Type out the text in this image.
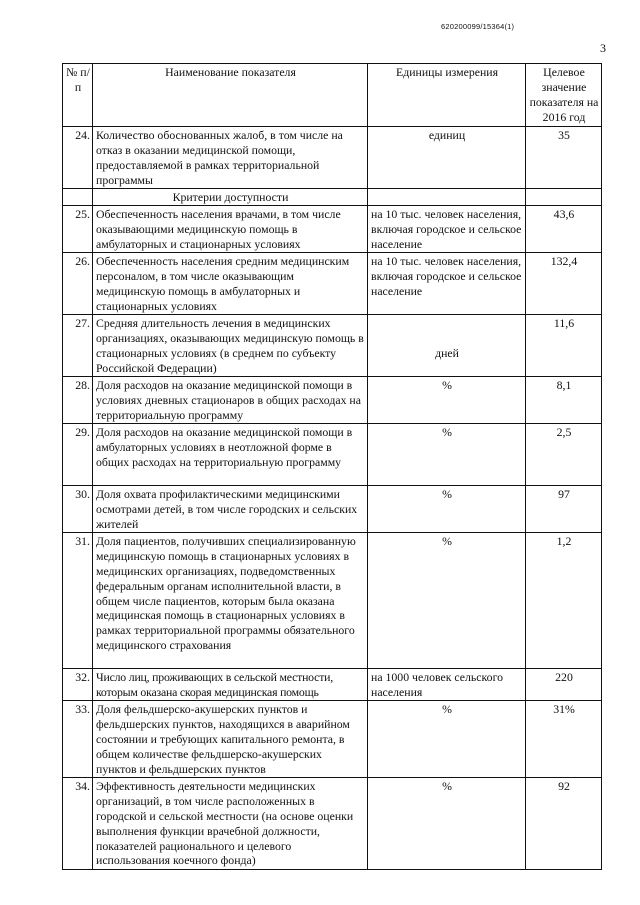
620200099/15364(1)
3
№ п/п	Наименование показателя	Единицы измерения	Целевое значение показателя на 2016 год
24.	Количество обоснованных жалоб, в том числе на отказ в оказании медицинской помощи, предоставляемой в рамках территориальной программы	единиц	35
	Критерии доступности		
25.	Обеспеченность населения врачами, в том числе оказывающими медицинскую помощь в амбулаторных и стационарных условиях	на 10 тыс. человек населения, включая городское и сельское население	43,6
26.	Обеспеченность населения средним медицинским персоналом, в том числе оказывающим медицинскую помощь в амбулаторных и стационарных условиях	на 10 тыс. человек населения, включая городское и сельское население	132,4
27.	Средняя длительность лечения в медицинских организациях, оказывающих медицинскую помощь в стационарных условиях (в среднем по субъекту Российской Федерации)	дней	11,6
28.	Доля расходов на оказание медицинской помощи в условиях дневных стационаров в общих расходах на территориальную программу	%	8,1
29.	Доля расходов на оказание медицинской помощи в амбулаторных условиях в неотложной форме в общих расходах на территориальную программу	%	2,5
30.	Доля охвата профилактическими медицинскими осмотрами детей, в том числе городских и сельских жителей	%	97
31.	Доля пациентов, получивших специализированную медицинскую помощь в стационарных условиях в медицинских организациях, подведомственных федеральным органам исполнительной власти, в общем числе пациентов, которым была оказана медицинская помощь в стационарных условиях в рамках территориальной программы обязательного медицинского страхования	%	1,2
32.	Число лиц, проживающих в сельской местности, которым оказана скорая медицинская помощь	на 1000 человек сельского населения	220
33.	Доля фельдшерско-акушерских пунктов и фельдшерских пунктов, находящихся в аварийном состоянии и требующих капитального ремонта, в общем количестве фельдшерско-акушерских пунктов и фельдшерских пунктов	%	31%
34.	Эффективность деятельности медицинских организаций, в том числе расположенных в городской и сельской местности (на основе оценки выполнения функции врачебной должности, показателей рационального и целевого использования коечного фонда)	%	92
